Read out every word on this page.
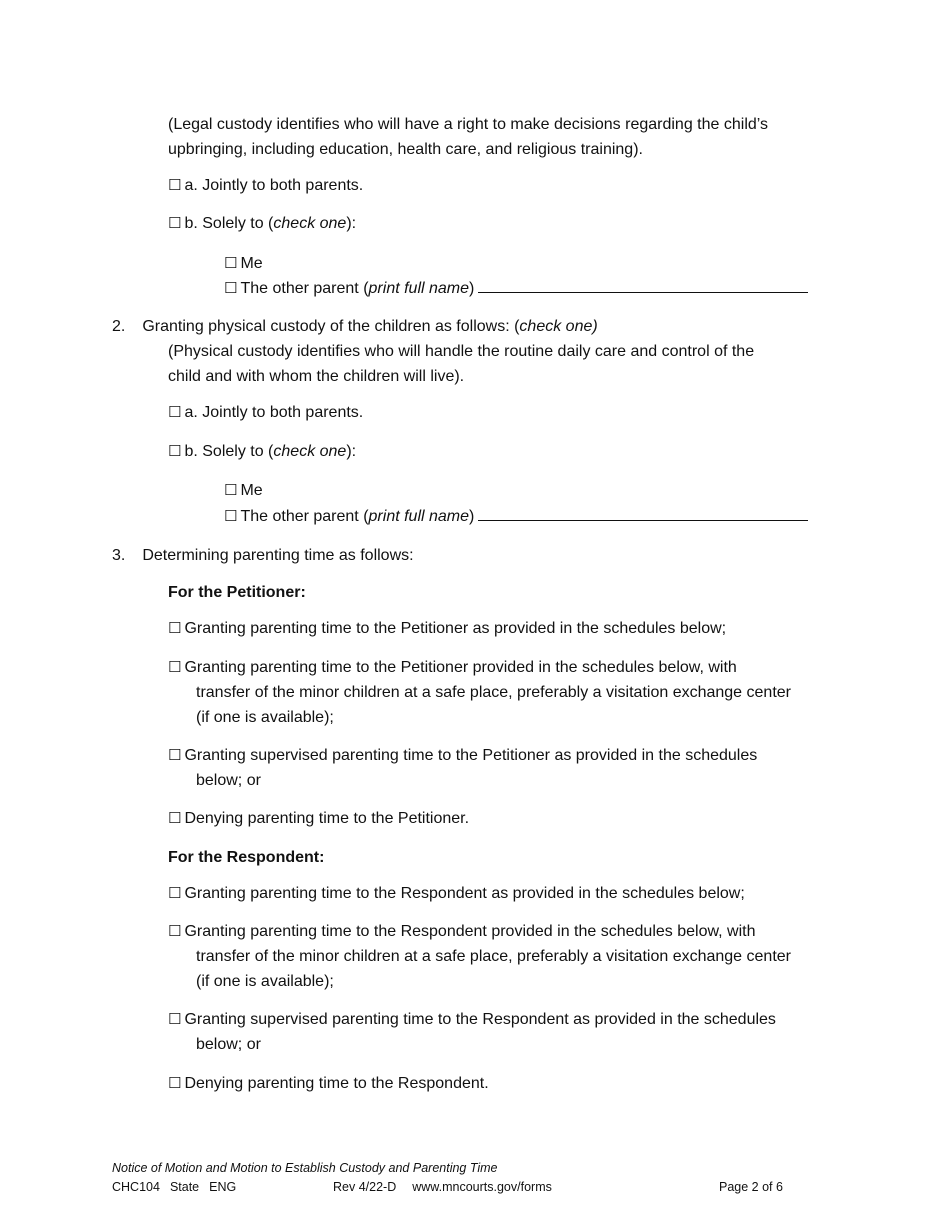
(Legal custody identifies who will have a right to make decisions regarding the child’s
upbringing, including education, health care, and religious training).
☐ a. Jointly to both parents.
☐ b. Solely to (check one):
☐ Me
☐ The other parent (print full name)
2. Granting physical custody of the children as follows: (check one)
(Physical custody identifies who will handle the routine daily care and control of the
child and with whom the children will live).
☐ a. Jointly to both parents.
☐ b. Solely to (check one):
☐ Me
☐ The other parent (print full name)
3. Determining parenting time as follows:
For the Petitioner:
☐ Granting parenting time to the Petitioner as provided in the schedules below;
☐ Granting parenting time to the Petitioner provided in the schedules below, with
transfer of the minor children at a safe place, preferably a visitation exchange center
(if one is available);
☐ Granting supervised parenting time to the Petitioner as provided in the schedules
below; or
☐ Denying parenting time to the Petitioner.
For the Respondent:
☐ Granting parenting time to the Respondent as provided in the schedules below;
☐ Granting parenting time to the Respondent provided in the schedules below, with
transfer of the minor children at a safe place, preferably a visitation exchange center
(if one is available);
☐ Granting supervised parenting time to the Respondent as provided in the schedules
below; or
☐ Denying parenting time to the Respondent.
Notice of Motion and Motion to Establish Custody and Parenting Time
CHC104 State ENG	Rev 4/22-D www.mncourts.gov/forms	Page 2 of 6
